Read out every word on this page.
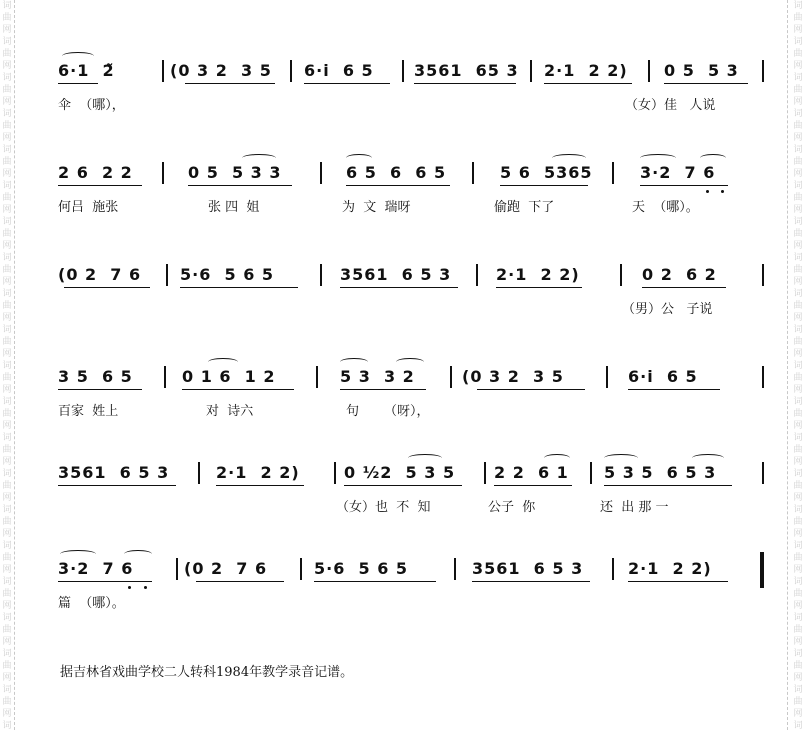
词
曲
网
词
曲
网
词
曲
网
词
曲
网
词
曲
网
词
曲
网
词
曲
网
词
曲
网
词
曲
网
词
曲
网
词
曲
网
词
曲
网
词
曲
网
词
曲
网
词
曲
网
词
曲
网
词
曲
网
词
曲
网
词
曲
网
词
曲
网
词
词
曲
网
词
曲
网
词
曲
网
词
曲
网
词
曲
网
词
曲
网
词
曲
网
词
曲
网
词
曲
网
词
曲
网
词
曲
网
词
曲
网
词
曲
网
词
曲
网
词
曲
网
词
曲
网
词
曲
网
词
曲
网
词
曲
网
词
曲
网
词
6·1  2̃	(0 3 2  3 5 6·i  6 5	3561  65 3 2·1  2 2) 0 5  5 3
伞  （哪），	（女）佳   人说
2 6  2 2	0 5  5 3 3	6 5  6  6 5	5 6  5365	3·2  7 6
何吕  施张	张 四  姐	为  文  瑞呀	偷跑  下了	天  （哪）。
(0 2  7 6 5·6  5 6 5	3561  6 5 3	2·1  2 2)	0 2  6 2
（男）公   子说
3 5  6 5	0 1 6  1 2	5 3  3 2	(0 3 2  3 5	6·i  6 5
百家  姓上	对  诗六	句 （呀），
3561  6 5 3	2·1  2 2)	0 ½2  5 3 5 2 2  6 1 5 3 5  6 5 3
（女）也  不  知	公子  你	还  出 那 一
3·2  7 6	(0 2  7 6	5·6  5 6 5	3561  6 5 3	2·1  2 2)
篇  （哪）。
据吉林省戏曲学校二人转科1984年教学录音记谱。
